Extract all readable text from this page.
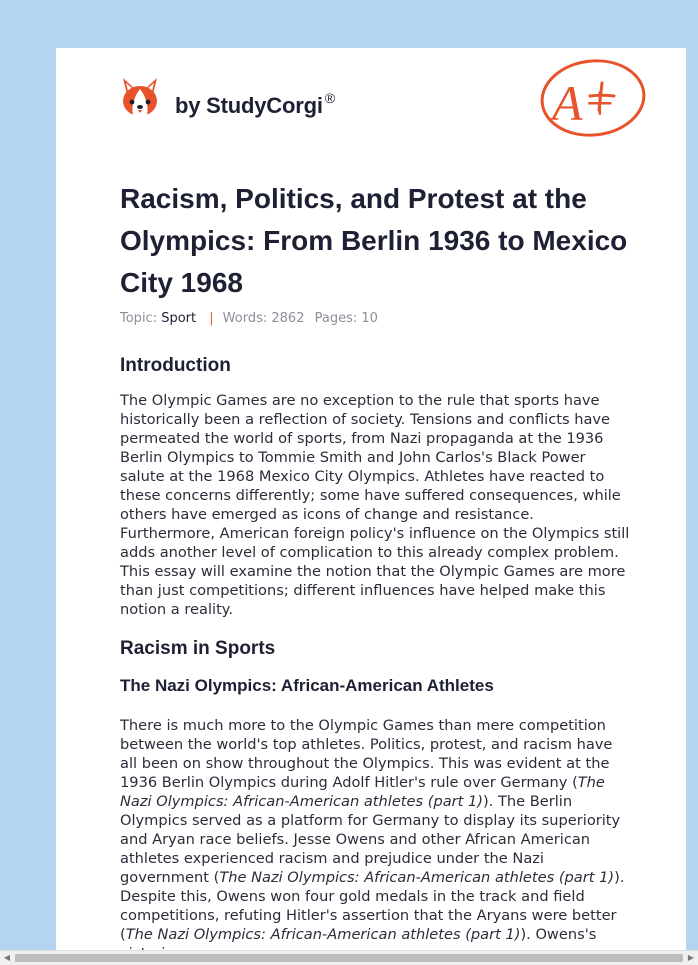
by StudyCorgi ®	A+
Racism, Politics, and Protest at the Olympics: From Berlin 1936 to Mexico City 1968
Topic: Sport | Words: 2862 Pages: 10
Introduction

The Olympic Games are no exception to the rule that sports have historically been a reflection of society. Tensions and conflicts have permeated the world of sports, from Nazi propaganda at the 1936 Berlin Olympics to Tommie Smith and John Carlos's Black Power salute at the 1968 Mexico City Olympics. Athletes have reacted to these concerns differently; some have suffered consequences, while others have emerged as icons of change and resistance. Furthermore, American foreign policy's influence on the Olympics still adds another level of complication to this already complex problem. This essay will examine the notion that the Olympic Games are more than just competitions; different influences have helped make this notion a reality.

Racism in Sports
The Nazi Olympics: African-American Athletes

There is much more to the Olympic Games than mere competition between the world's top athletes. Politics, protest, and racism have all been on show throughout the Olympics. This was evident at the 1936 Berlin Olympics during Adolf Hitler's rule over Germany (The Nazi Olympics: African-American athletes (part 1)). The Berlin Olympics served as a platform for Germany to display its superiority and Aryan race beliefs. Jesse Owens and other African American athletes experienced racism and prejudice under the Nazi government (The Nazi Olympics: African-American athletes (part 1)). Despite this, Owens won four gold medals in the track and field competitions, refuting Hitler's assertion that the Aryans were better (The Nazi Olympics: African-American athletes (part 1)). Owens's

◀	▶
